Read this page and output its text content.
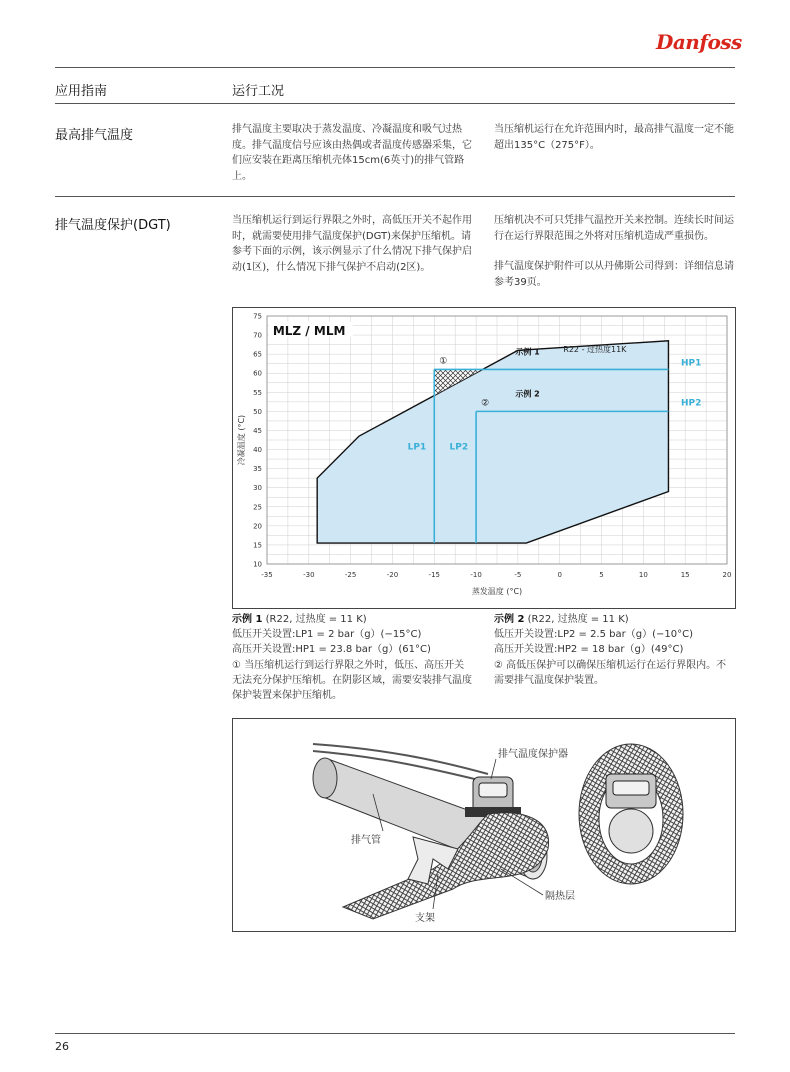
Danfoss
应用指南	运行工况
最高排气温度	排气温度主要取决于蒸发温度、冷凝温度和吸气过热度。排气温度信号应该由热偶或者温度传感器采集，它们应安装在距离压缩机壳体15cm(6英寸)的排气管路上。
当压缩机运行在允许范围内时，最高排气温度一定不能超出135°C（275°F）。
排气温度保护(DGT)	当压缩机运行到运行界限之外时，高低压开关不起作用时，就需要使用排气温度保护(DGT)来保护压缩机。请参考下面的示例，该示例显示了什么情况下排气保护启动(1区)，什么情况下排气保护不启动(2区)。
压缩机决不可只凭排气温控开关来控制。连续长时间运行在运行界限范围之外将对压缩机造成严重损伤。
排气温度保护附件可以从丹佛斯公司得到：详细信息请参考39页。
-35	-30	-25	-20	-15	-10	-5	0	5	10	15	20
10
15
20
25
30
35
40
45
50
55
60
65
70
75
蒸发温度 (°C)
冷凝温度 (°C)	LP1	LP2
HP1
HP2
R22 - 过热度11K
MLZ / MLM
①
示例 1
②
示例 2
示例 1 (R22, 过热度 = 11 K)
低压开关设置:LP1 = 2 bar（g）(−15°C)
高压开关设置:HP1 = 23.8 bar（g）(61°C)
① 当压缩机运行到运行界限之外时，低压、高压开关无法充分保护压缩机。在阴影区域，需要安装排气温度保护装置来保护压缩机。
示例 2 (R22, 过热度 = 11 K)
低压开关设置:LP2 = 2.5 bar（g）(−10°C)
高压开关设置:HP2 = 18 bar（g）(49°C)
② 高低压保护可以确保压缩机运行在运行界限内。不需要排气温度保护装置。
排气温度保护器
排气管
隔热层
支架
26
